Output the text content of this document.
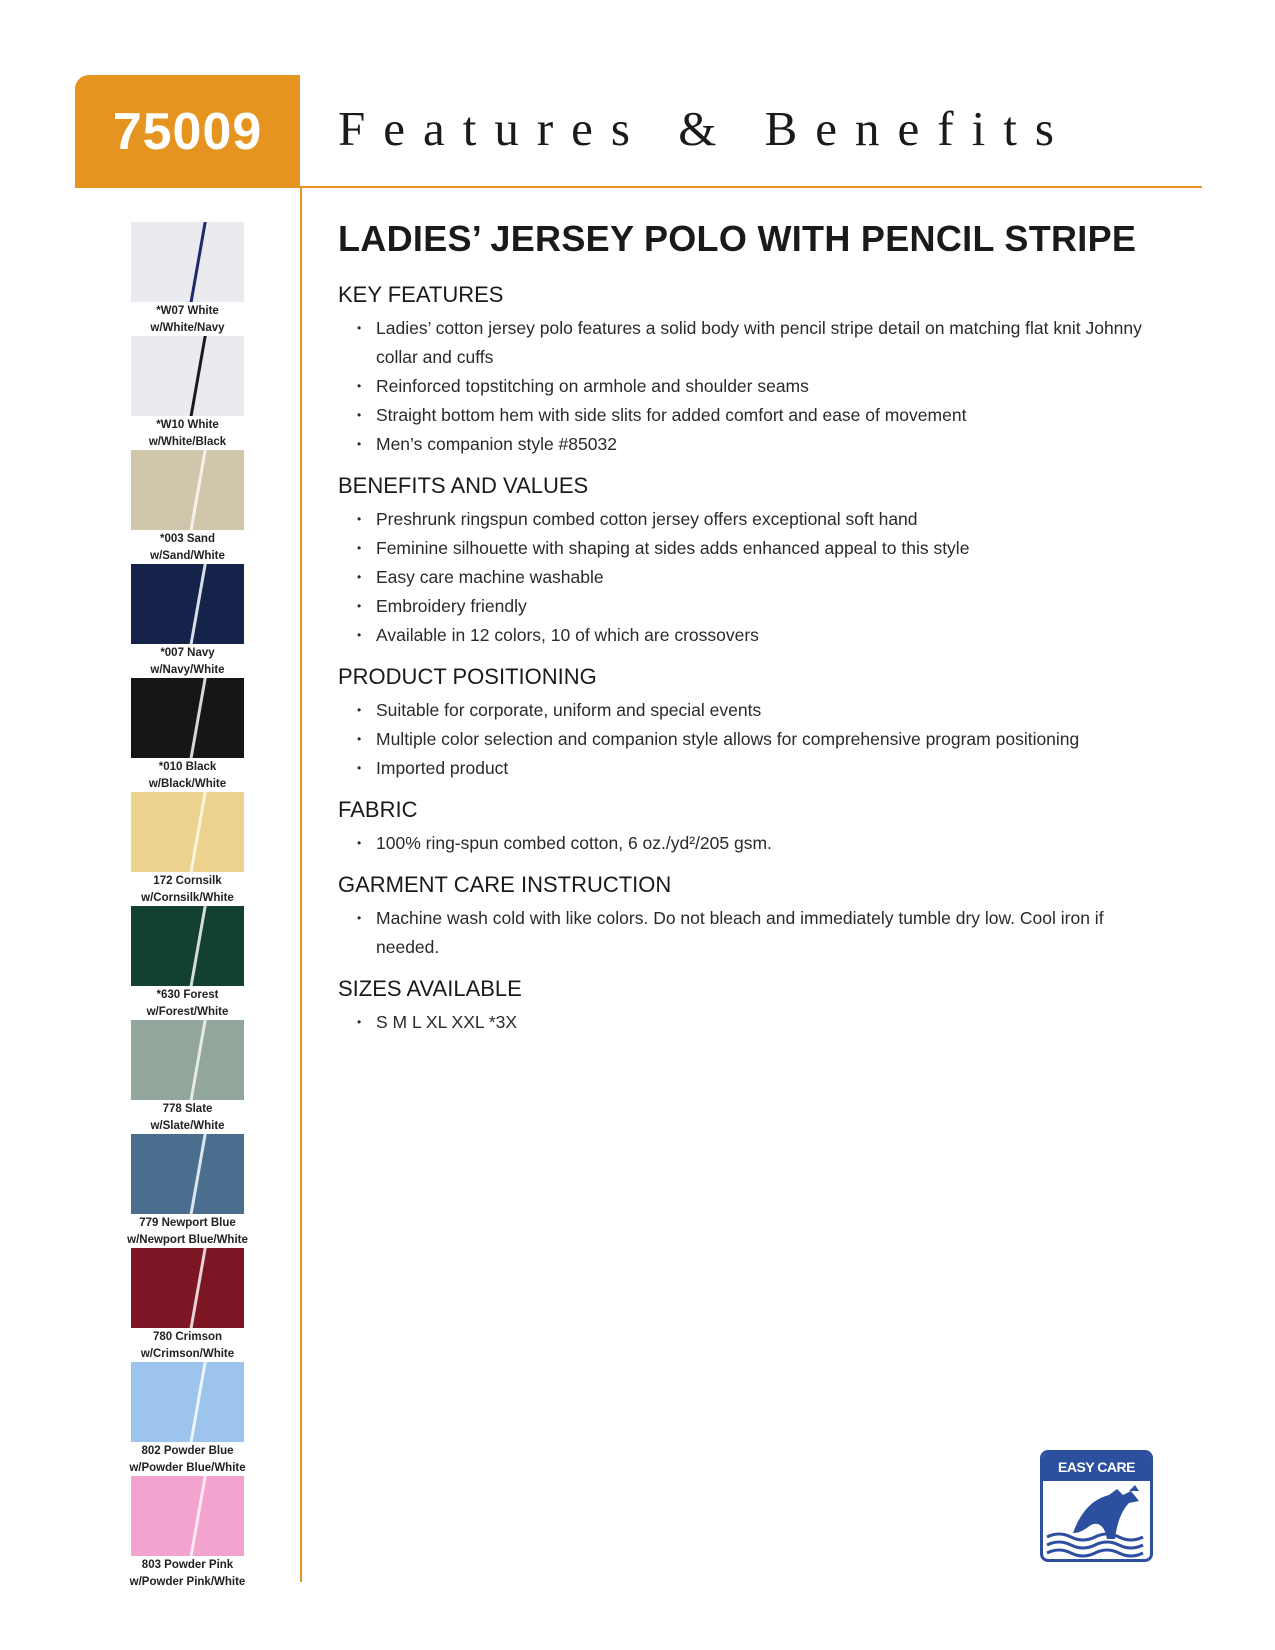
75009 Features & Benefits
*W07 White
w/White/Navy
*W10 White
w/White/Black
*003 Sand
w/Sand/White
*007 Navy
w/Navy/White
*010 Black
w/Black/White
172 Cornsilk
w/Cornsilk/White
*630 Forest
w/Forest/White
778 Slate
w/Slate/White
779 Newport Blue
w/Newport Blue/White
780 Crimson
w/Crimson/White
802 Powder Blue
w/Powder Blue/White
803 Powder Pink
w/Powder Pink/White
LADIES’ JERSEY POLO WITH PENCIL STRIPE
KEY FEATURES
• Ladies’ cotton jersey polo features a solid body with pencil stripe detail on matching flat knit Johnny collar and cuffs
• Reinforced topstitching on armhole and shoulder seams
• Straight bottom hem with side slits for added comfort and ease of movement
• Men’s companion style #85032
BENEFITS AND VALUES
• Preshrunk ringspun combed cotton jersey offers exceptional soft hand
• Feminine silhouette with shaping at sides adds enhanced appeal to this style
• Easy care machine washable
• Embroidery friendly
• Available in 12 colors, 10 of which are crossovers
PRODUCT POSITIONING
• Suitable for corporate, uniform and special events
• Multiple color selection and companion style allows for comprehensive program positioning
• Imported product
FABRIC
• 100% ring-spun combed cotton, 6 oz./yd²/205 gsm.
GARMENT CARE INSTRUCTION
• Machine wash cold with like colors. Do not bleach and immediately tumble dry low. Cool iron if needed.
SIZES AVAILABLE
• S M L XL XXL *3X
EASY CARE
